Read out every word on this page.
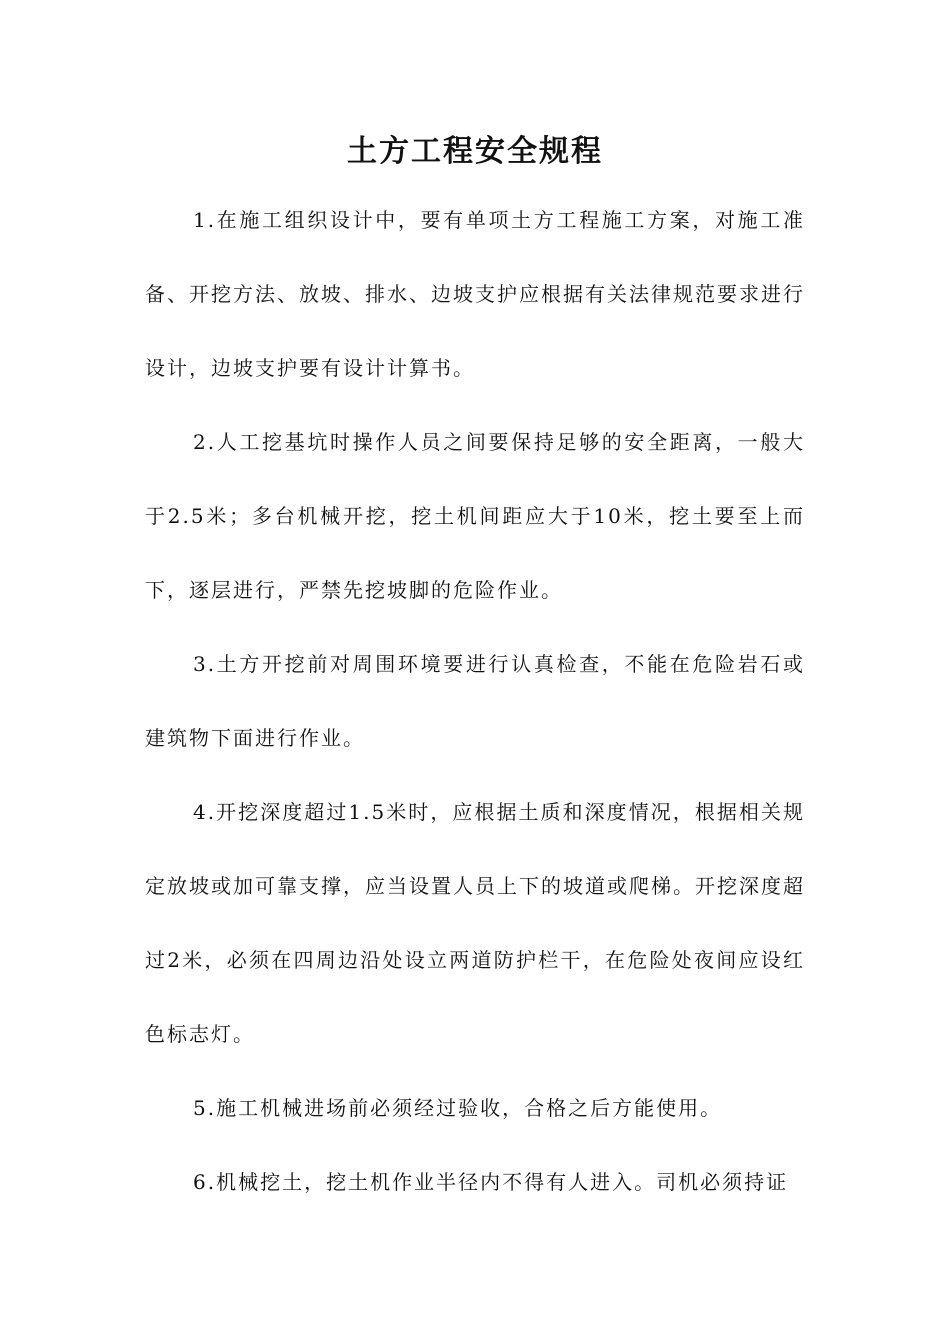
土方工程安全规程

1.在施工组织设计中，要有单项土方工程施工方案，对施工准备、开挖方法、放坡、排水、边坡支护应根据有关法律规范要求进行设计，边坡支护要有设计计算书。

2.人工挖基坑时操作人员之间要保持足够的安全距离，一般大于2.5米；多台机械开挖，挖土机间距应大于10米，挖土要至上而下，逐层进行，严禁先挖坡脚的危险作业。

3.土方开挖前对周围环境要进行认真检查，不能在危险岩石或建筑物下面进行作业。

4.开挖深度超过1.5米时，应根据土质和深度情况，根据相关规定放坡或加可靠支撑，应当设置人员上下的坡道或爬梯。开挖深度超过2米，必须在四周边沿处设立两道防护栏干，在危险处夜间应设红色标志灯。

5.施工机械进场前必须经过验收，合格之后方能使用。

6.机械挖土，挖土机作业半径内不得有人进入。司机必须持证
